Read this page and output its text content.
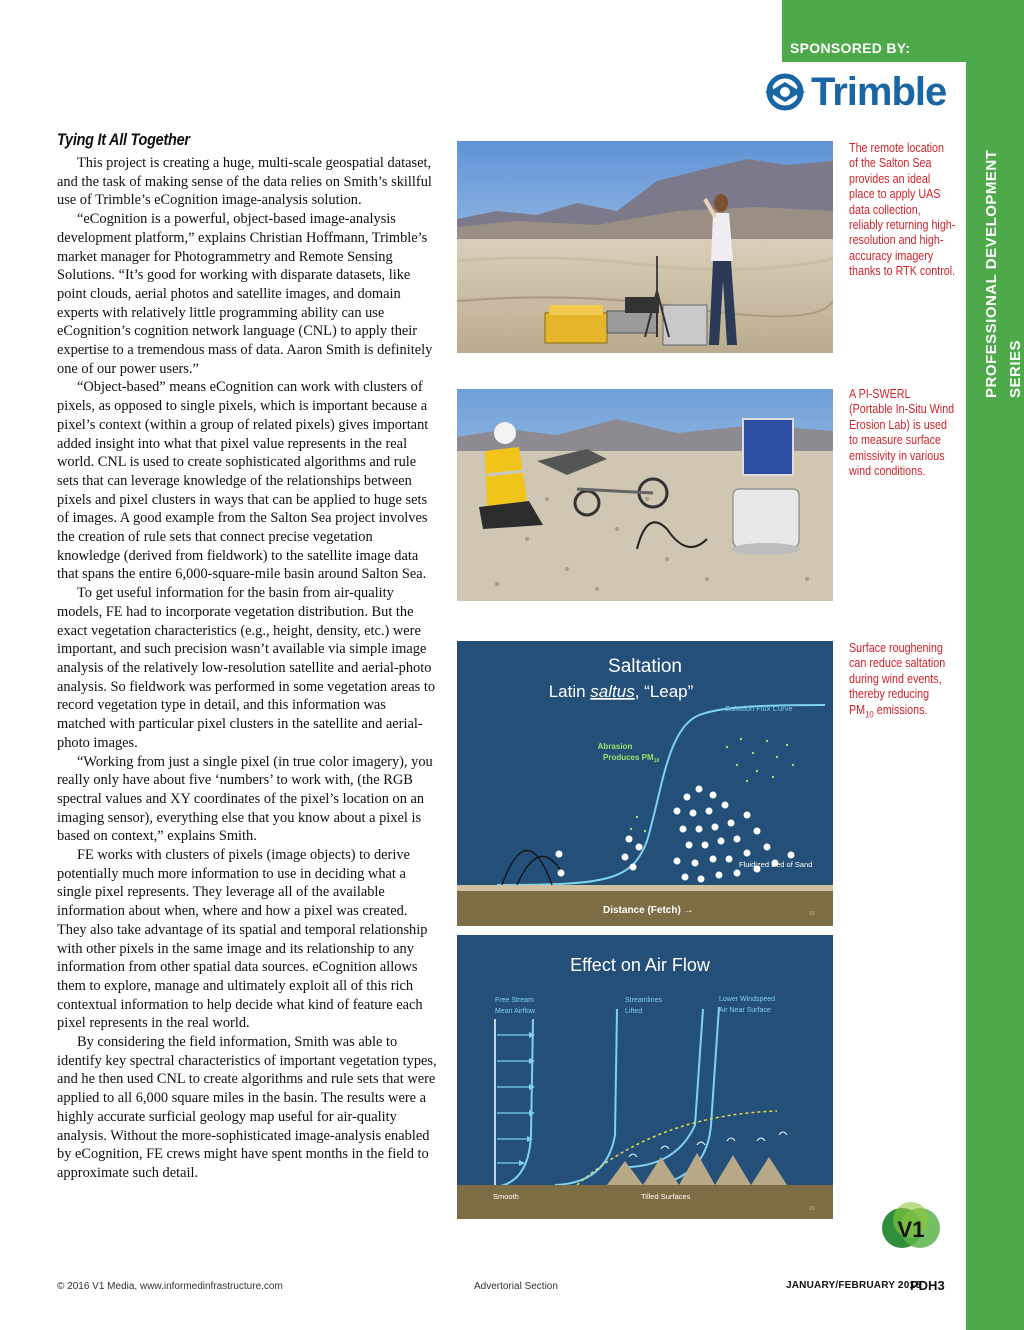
SPONSORED BY:
PROFESSIONAL DEVELOPMENT SERIES
Trimble
Tying It All Together

This project is creating a huge, multi-scale geospatial dataset, and the task of making sense of the data relies on Smith’s skillful use of Trimble’s eCognition image-analysis solution.

“eCognition is a powerful, object-based image-analysis development platform,” explains Christian Hoffmann, Trimble’s market manager for Photogrammetry and Remote Sensing Solutions. “It’s good for working with disparate datasets, like point clouds, aerial photos and satellite images, and domain experts with relatively little programming ability can use eCognition’s cognition network language (CNL) to apply their expertise to a tremendous mass of data. Aaron Smith is definitely one of our power users.”

“Object-based” means eCognition can work with clusters of pixels, as opposed to single pixels, which is important because a pixel’s context (within a group of related pixels) gives important added insight into what that pixel value represents in the real world. CNL is used to create sophisticated algorithms and rule sets that can leverage knowledge of the relationships between pixels and pixel clusters in ways that can be applied to huge sets of images. A good example from the Salton Sea project involves the creation of rule sets that connect precise vegetation knowledge (derived from fieldwork) to the satellite image data that spans the entire 6,000-square-mile basin around Salton Sea.

To get useful information for the basin from air-quality models, FE had to incorporate vegetation distribution. But the exact vegetation characteristics (e.g., height, density, etc.) were important, and such precision wasn’t available via simple image analysis of the relatively low-resolution satellite and aerial-photo analysis. So fieldwork was performed in some vegetation areas to record vegetation type in detail, and this information was matched with particular pixel clusters in the satellite and aerial-photo images.

“Working from just a single pixel (in true color imagery), you really only have about five ‘numbers’ to work with, (the RGB spectral values and XY coordinates of the pixel’s location on an imaging sensor), everything else that you know about a pixel is based on context,” explains Smith.

FE works with clusters of pixels (image objects) to derive potentially much more information to use in deciding what a single pixel represents. They leverage all of the available information about when, where and how a pixel was created. They also take advantage of its spatial and temporal relationship with other pixels in the same image and its relationship to any information from other spatial data sources. eCognition allows them to explore, manage and ultimately exploit all of this rich contextual information to help decide what kind of feature each pixel represents in the real world.

By considering the field information, Smith was able to identify key spectral characteristics of important vegetation types, and he then used CNL to create algorithms and rule sets that were applied to all 6,000 square miles in the basin. The results were a highly accurate surficial geology map useful for air-quality analysis. Without the more-sophisticated image-analysis enabled by eCognition, FE crews might have spent months in the field to approximate such detail.

The remote location of the Salton Sea provides an ideal place to apply UAS data collection, reliably returning high-resolution and high-accuracy imagery thanks to RTK control.
A PI-SWERL (Portable In-Situ Wind Erosion Lab) is used to measure surface emissivity in various wind conditions.
Saltation
Latin saltus, “Leap”
Saltation Flux Curve
Abrasion
Produces $PM_{10}$
Fluidized Bed of Sand
Distance (Fetch) →	19
Surface roughening can reduce saltation during wind events, thereby reducing $PM_{10}$ emissions.
Effect on Air Flow
Free Stream
Mean Airflow
Streamlines
Lifted
Lower Windspeed
Air Near Surface
Smooth	Tilled Surfaces
20
V1
© 2016 V1 Media, www.informedinfrastructure.com	Advertorial Section	JANUARY/FEBRUARY 2016
PDH3
